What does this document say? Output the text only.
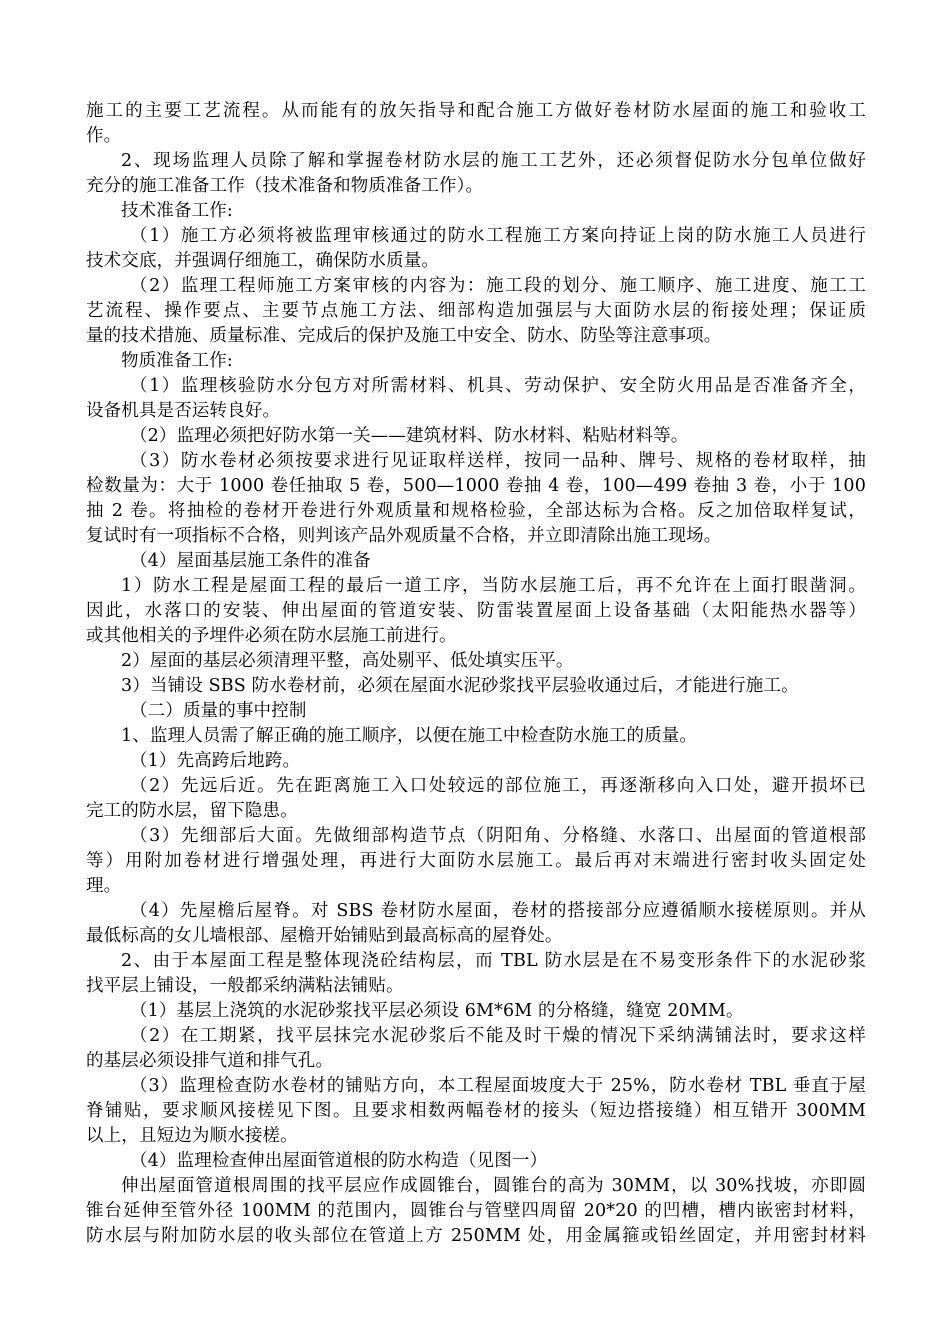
施工的主要工艺流程。从而能有的放矢指导和配合施工方做好卷材防水屋面的施工和验收工
作。
2、现场监理人员除了解和掌握卷材防水层的施工工艺外，还必须督促防水分包单位做好
充分的施工准备工作（技术准备和物质准备工作）。
技术准备工作:
（1）施工方必须将被监理审核通过的防水工程施工方案向持证上岗的防水施工人员进行
技术交底，并强调仔细施工，确保防水质量。
（2）监理工程师施工方案审核的内容为：施工段的划分、施工顺序、施工进度、施工工
艺流程、操作要点、主要节点施工方法、细部构造加强层与大面防水层的衔接处理；保证质
量的技术措施、质量标准、完成后的保护及施工中安全、防水、防坠等注意事项。
物质准备工作:
（1）监理核验防水分包方对所需材料、机具、劳动保护、安全防火用品是否准备齐全，
设备机具是否运转良好。
（2）监理必须把好防水第一关——建筑材料、防水材料、粘贴材料等。
（3）防水卷材必须按要求进行见证取样送样，按同一品种、牌号、规格的卷材取样，抽
检数量为：大于 1000 卷任抽取 5 卷，500—1000 卷抽 4 卷，100—499 卷抽 3 卷，小于 100
抽 2 卷。将抽检的卷材开卷进行外观质量和规格检验，全部达标为合格。反之加倍取样复试，
复试时有一项指标不合格，则判该产品外观质量不合格，并立即清除出施工现场。
（4）屋面基层施工条件的准备
1）防水工程是屋面工程的最后一道工序，当防水层施工后，再不允许在上面打眼凿洞。
因此，水落口的安装、伸出屋面的管道安装、防雷装置屋面上设备基础（太阳能热水器等）
或其他相关的予埋件必须在防水层施工前进行。
2）屋面的基层必须清理平整，高处剔平、低处填实压平。
3）当铺设 SBS 防水卷材前，必须在屋面水泥砂浆找平层验收通过后，才能进行施工。
（二）质量的事中控制
1、监理人员需了解正确的施工顺序，以便在施工中检查防水施工的质量。
（1）先高跨后地跨。
（2）先远后近。先在距离施工入口处较远的部位施工，再逐渐移向入口处，避开损坏已
完工的防水层，留下隐患。
（3）先细部后大面。先做细部构造节点（阴阳角、分格缝、水落口、出屋面的管道根部
等）用附加卷材进行增强处理，再进行大面防水层施工。最后再对末端进行密封收头固定处
理。
（4）先屋檐后屋脊。对 SBS 卷材防水屋面，卷材的搭接部分应遵循顺水接槎原则。并从
最低标高的女儿墙根部、屋檐开始铺贴到最高标高的屋脊处。
2、由于本屋面工程是整体现浇砼结构层，而 TBL 防水层是在不易变形条件下的水泥砂浆
找平层上铺设，一般都采纳满粘法铺贴。
（1）基层上浇筑的水泥砂浆找平层必须设 6M*6M 的分格缝，缝宽 20MM。
（2）在工期紧，找平层抹完水泥砂浆后不能及时干燥的情况下采纳满铺法时，要求这样
的基层必须设排气道和排气孔。
（3）监理检查防水卷材的铺贴方向，本工程屋面坡度大于 25%，防水卷材 TBL 垂直于屋
脊铺贴，要求顺风接槎见下图。且要求相数两幅卷材的接头（短边搭接缝）相互错开 300MM
以上，且短边为顺水接槎。
（4）监理检查伸出屋面管道根的防水构造（见图一）
伸出屋面管道根周围的找平层应作成圆锥台，圆锥台的高为 30MM，以 30%找坡，亦即圆
锥台延伸至管外径 100MM 的范围内，圆锥台与管壁四周留 20*20 的凹槽，槽内嵌密封材料，
防水层与附加防水层的收头部位在管道上方 250MM 处，用金属箍或铅丝固定，并用密封材料
